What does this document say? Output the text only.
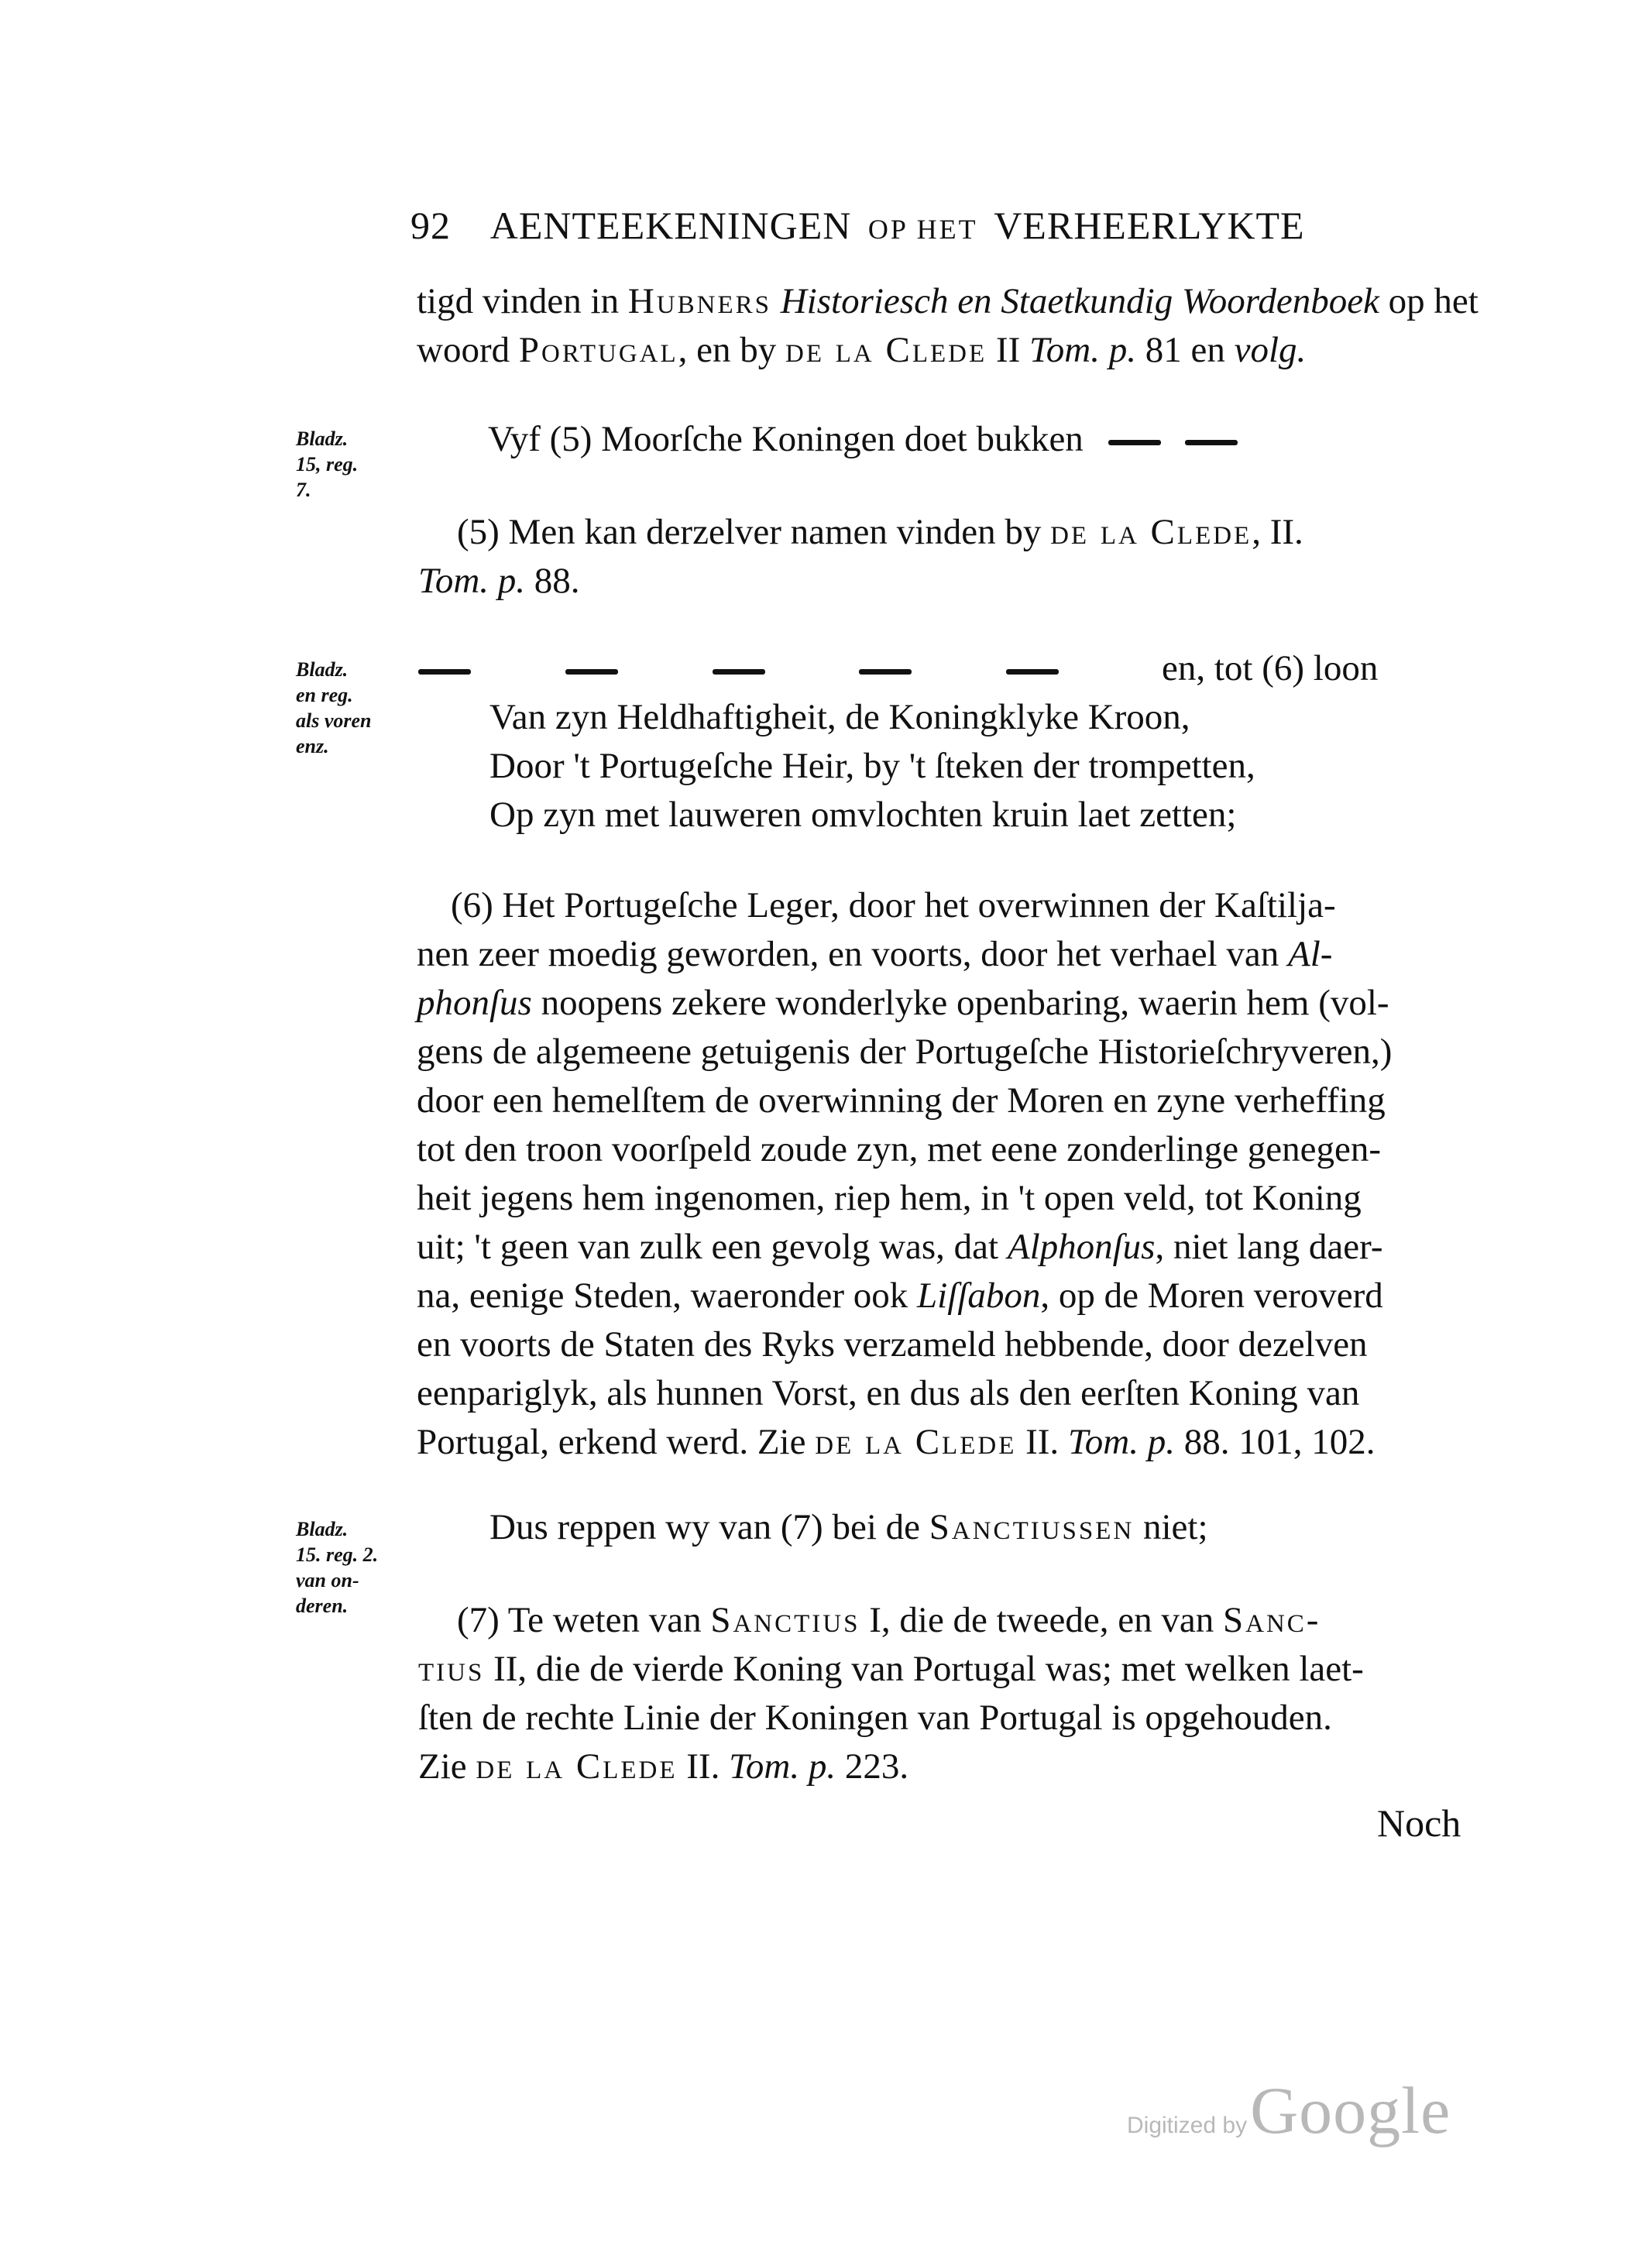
92 AENTEEKENINGEN OP HET VERHEERLYKTE
tigd vinden in Hubners Historiesch en Staetkundig Woordenboek op het
woord Portugal, en by de la Clede II Tom. p. 81 en volg.
Bladz.
15, reg.
7.
Vyf (5) Moorſche Koningen doet bukken
(5) Men kan derzelver namen vinden by de la Clede, II.
Tom. p. 88.
Bladz.
en reg.
als voren
enz.

en, tot (6) loon
Van zyn Heldhaftigheit, de Koningklyke Kroon,
Door 't Portugeſche Heir, by 't ſteken der trompetten,
Op zyn met lauweren omvlochten kruin laet zetten;
(6) Het Portugeſche Leger, door het overwinnen der Kaſtilja-
nen zeer moedig geworden, en voorts, door het verhael van Al-
phonſus noopens zekere wonderlyke openbaring, waerin hem (vol-
gens de algemeene getuigenis der Portugeſche Historieſchryveren,)
door een hemelſtem de overwinning der Moren en zyne verheffing
tot den troon voorſpeld zoude zyn, met eene zonderlinge genegen-
heit jegens hem ingenomen, riep hem, in 't open veld, tot Koning
uit; 't geen van zulk een gevolg was, dat Alphonſus, niet lang daer-
na, eenige Steden, waeronder ook Liſſabon, op de Moren veroverd
en voorts de Staten des Ryks verzameld hebbende, door dezelven
eenpariglyk, als hunnen Vorst, en dus als den eerſten Koning van
Portugal, erkend werd. Zie de la Clede II. Tom. p. 88. 101, 102.
Bladz.
15. reg. 2.
van on-
deren.
Dus reppen wy van (7) bei de Sanctiussen niet;
(7) Te weten van Sanctius I, die de tweede, en van Sanc-
tius II, die de vierde Koning van Portugal was; met welken laet-
ſten de rechte Linie der Koningen van Portugal is opgehouden.
Zie de la Clede II. Tom. p. 223.
Noch
Digitized by Google
